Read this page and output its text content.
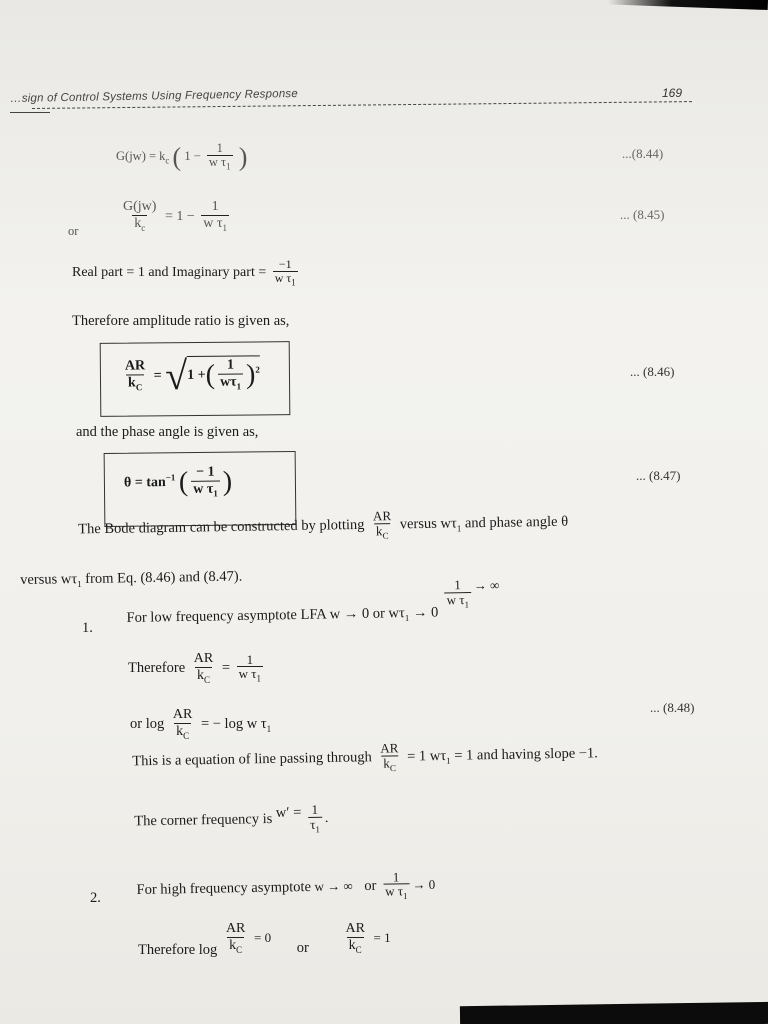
…sign of Control Systems Using Frequency Response	169
$G(jw) = k_c$ ( $1 - \frac{1}{w \tau_1}$ )	...(8.44)
or	$\frac{G(jw)}{k_c} = 1 - \frac{1}{w \tau_1}$	... (8.45)
Real part = 1 and Imaginary part = $\frac{-1}{w \tau_1}$
Therefore amplitude ratio is given as,
$\frac{AR}{k_C} = √1$ +( $\frac{1}{w\tau_1} )^2$	... (8.46)
and the phase angle is given as,
$\theta = \tan^{-1}$ ( $\frac{- 1}{w \tau_1}$ )	... (8.47)
The Bode diagram can be constructed by plotting $\frac{AR}{k_C}$ versus $w\tau_1$ and phase angle θ
versus $w\tau_1$ from Eq. (8.46) and (8.47).
1.
For low frequency asymptote LFA w → 0 or $w\tau_1 \to 0$
$\frac{1}{w \tau_1}$ → ∞
Therefore $\frac{AR}{k_C} = \frac{1}{w \tau_1}$
or $\log \frac{AR}{k_C}$ = − log w $\tau_1$
... (8.48)
This is a equation of line passing through $\frac{AR}{k_C} = 1$ $w\tau_1 = 1$ and having slope −1.
The corner frequency is $w' = \frac{1}{\tau_1}$ .
2.
For high frequency asymptote w → ∞ or $\frac{1}{w \tau_1} \to 0$
Therefore $\log \frac{AR}{k_C} = 0$ or $\frac{AR}{k_C} = 1$
